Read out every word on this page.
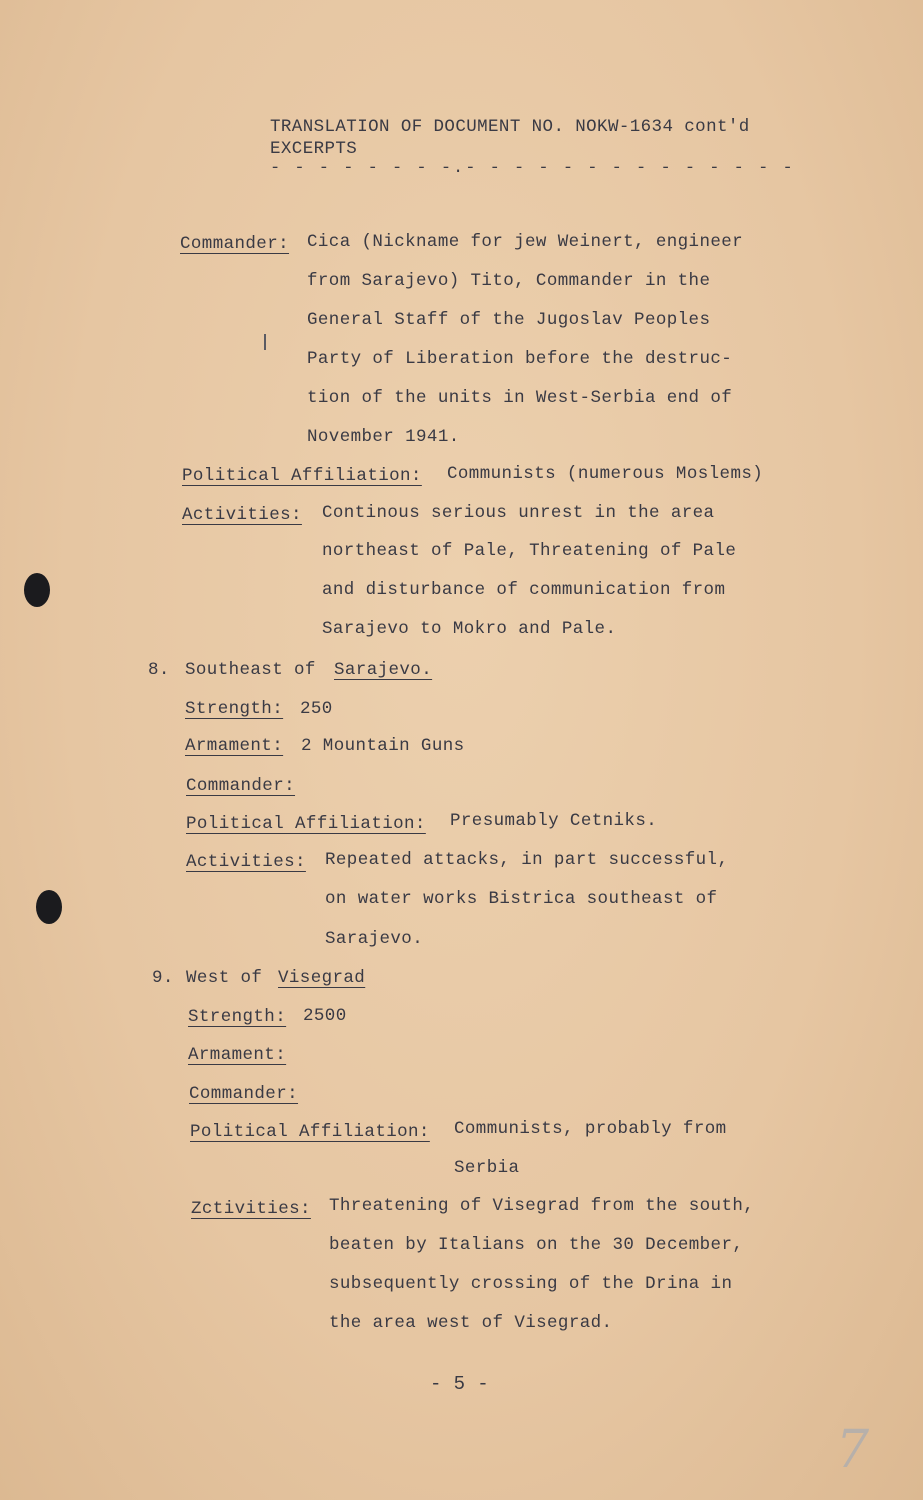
TRANSLATION OF DOCUMENT NO. NOKW-1634 cont'd
EXCERPTS
- - - - - - - -.- - - - - - - - - - - - - -
Commander: Cica (Nickname for jew Weinert, engineer
from Sarajevo) Tito, Commander in the
General Staff of the Jugoslav Peoples
Party of Liberation before the destruc-
tion of the units in West-Serbia end of
November 1941.
Political Affiliation: Communists (numerous Moslems)
Activities: Continous serious unrest in the area
northeast of Pale, Threatening of Pale
and disturbance of communication from
Sarajevo to Mokro and Pale.
8. Southeast of Sarajevo.
Strength: 250
Armament: 2 Mountain Guns
Commander:
Political Affiliation: Presumably Cetniks.
Activities: Repeated attacks, in part successful,
on water works Bistrica southeast of
Sarajevo.
9. West of Visegrad
Strength: 2500
Armament:
Commander:
Political Affiliation: Communists, probably from
Serbia
Zctivities: Threatening of Visegrad from the south,
beaten by Italians on the 30 December,
subsequently crossing of the Drina in
the area west of Visegrad.
- 5 -
7
